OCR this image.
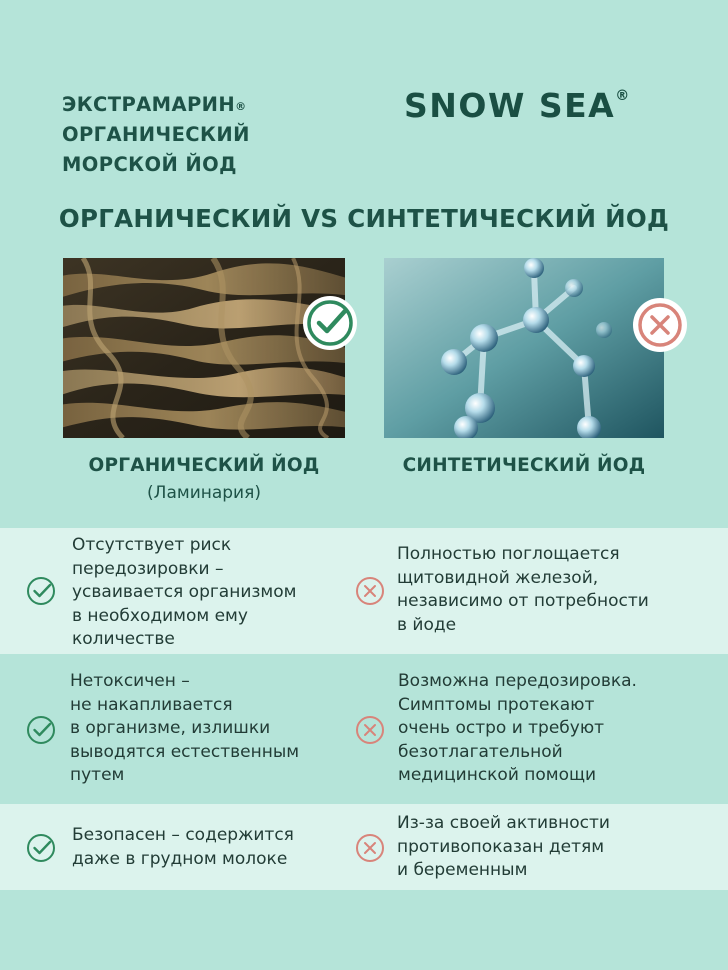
ЭКСТРАМАРИН®
ОРГАНИЧЕСКИЙ
МОРСКОЙ ЙОД
SNOW SEA®
ОРГАНИЧЕСКИЙ VS СИНТЕТИЧЕСКИЙ ЙОД
ОРГАНИЧЕСКИЙ ЙОД
(Ламинария)
СИНТЕТИЧЕСКИЙ ЙОД
Отсутствует риск
передозировки –
усваивается организмом
в необходимом ему
количестве
Полностью поглощается
щитовидной железой,
независимо от потребности
в йоде
Нетоксичен –
не накапливается
в организме, излишки
выводятся естественным
путем
Возможна передозировка.
Симптомы протекают
очень остро и требуют
безотлагательной
медицинской помощи
Безопасен – содержится
даже в грудном молоке
Из-за своей активности
противопоказан детям
и беременным
